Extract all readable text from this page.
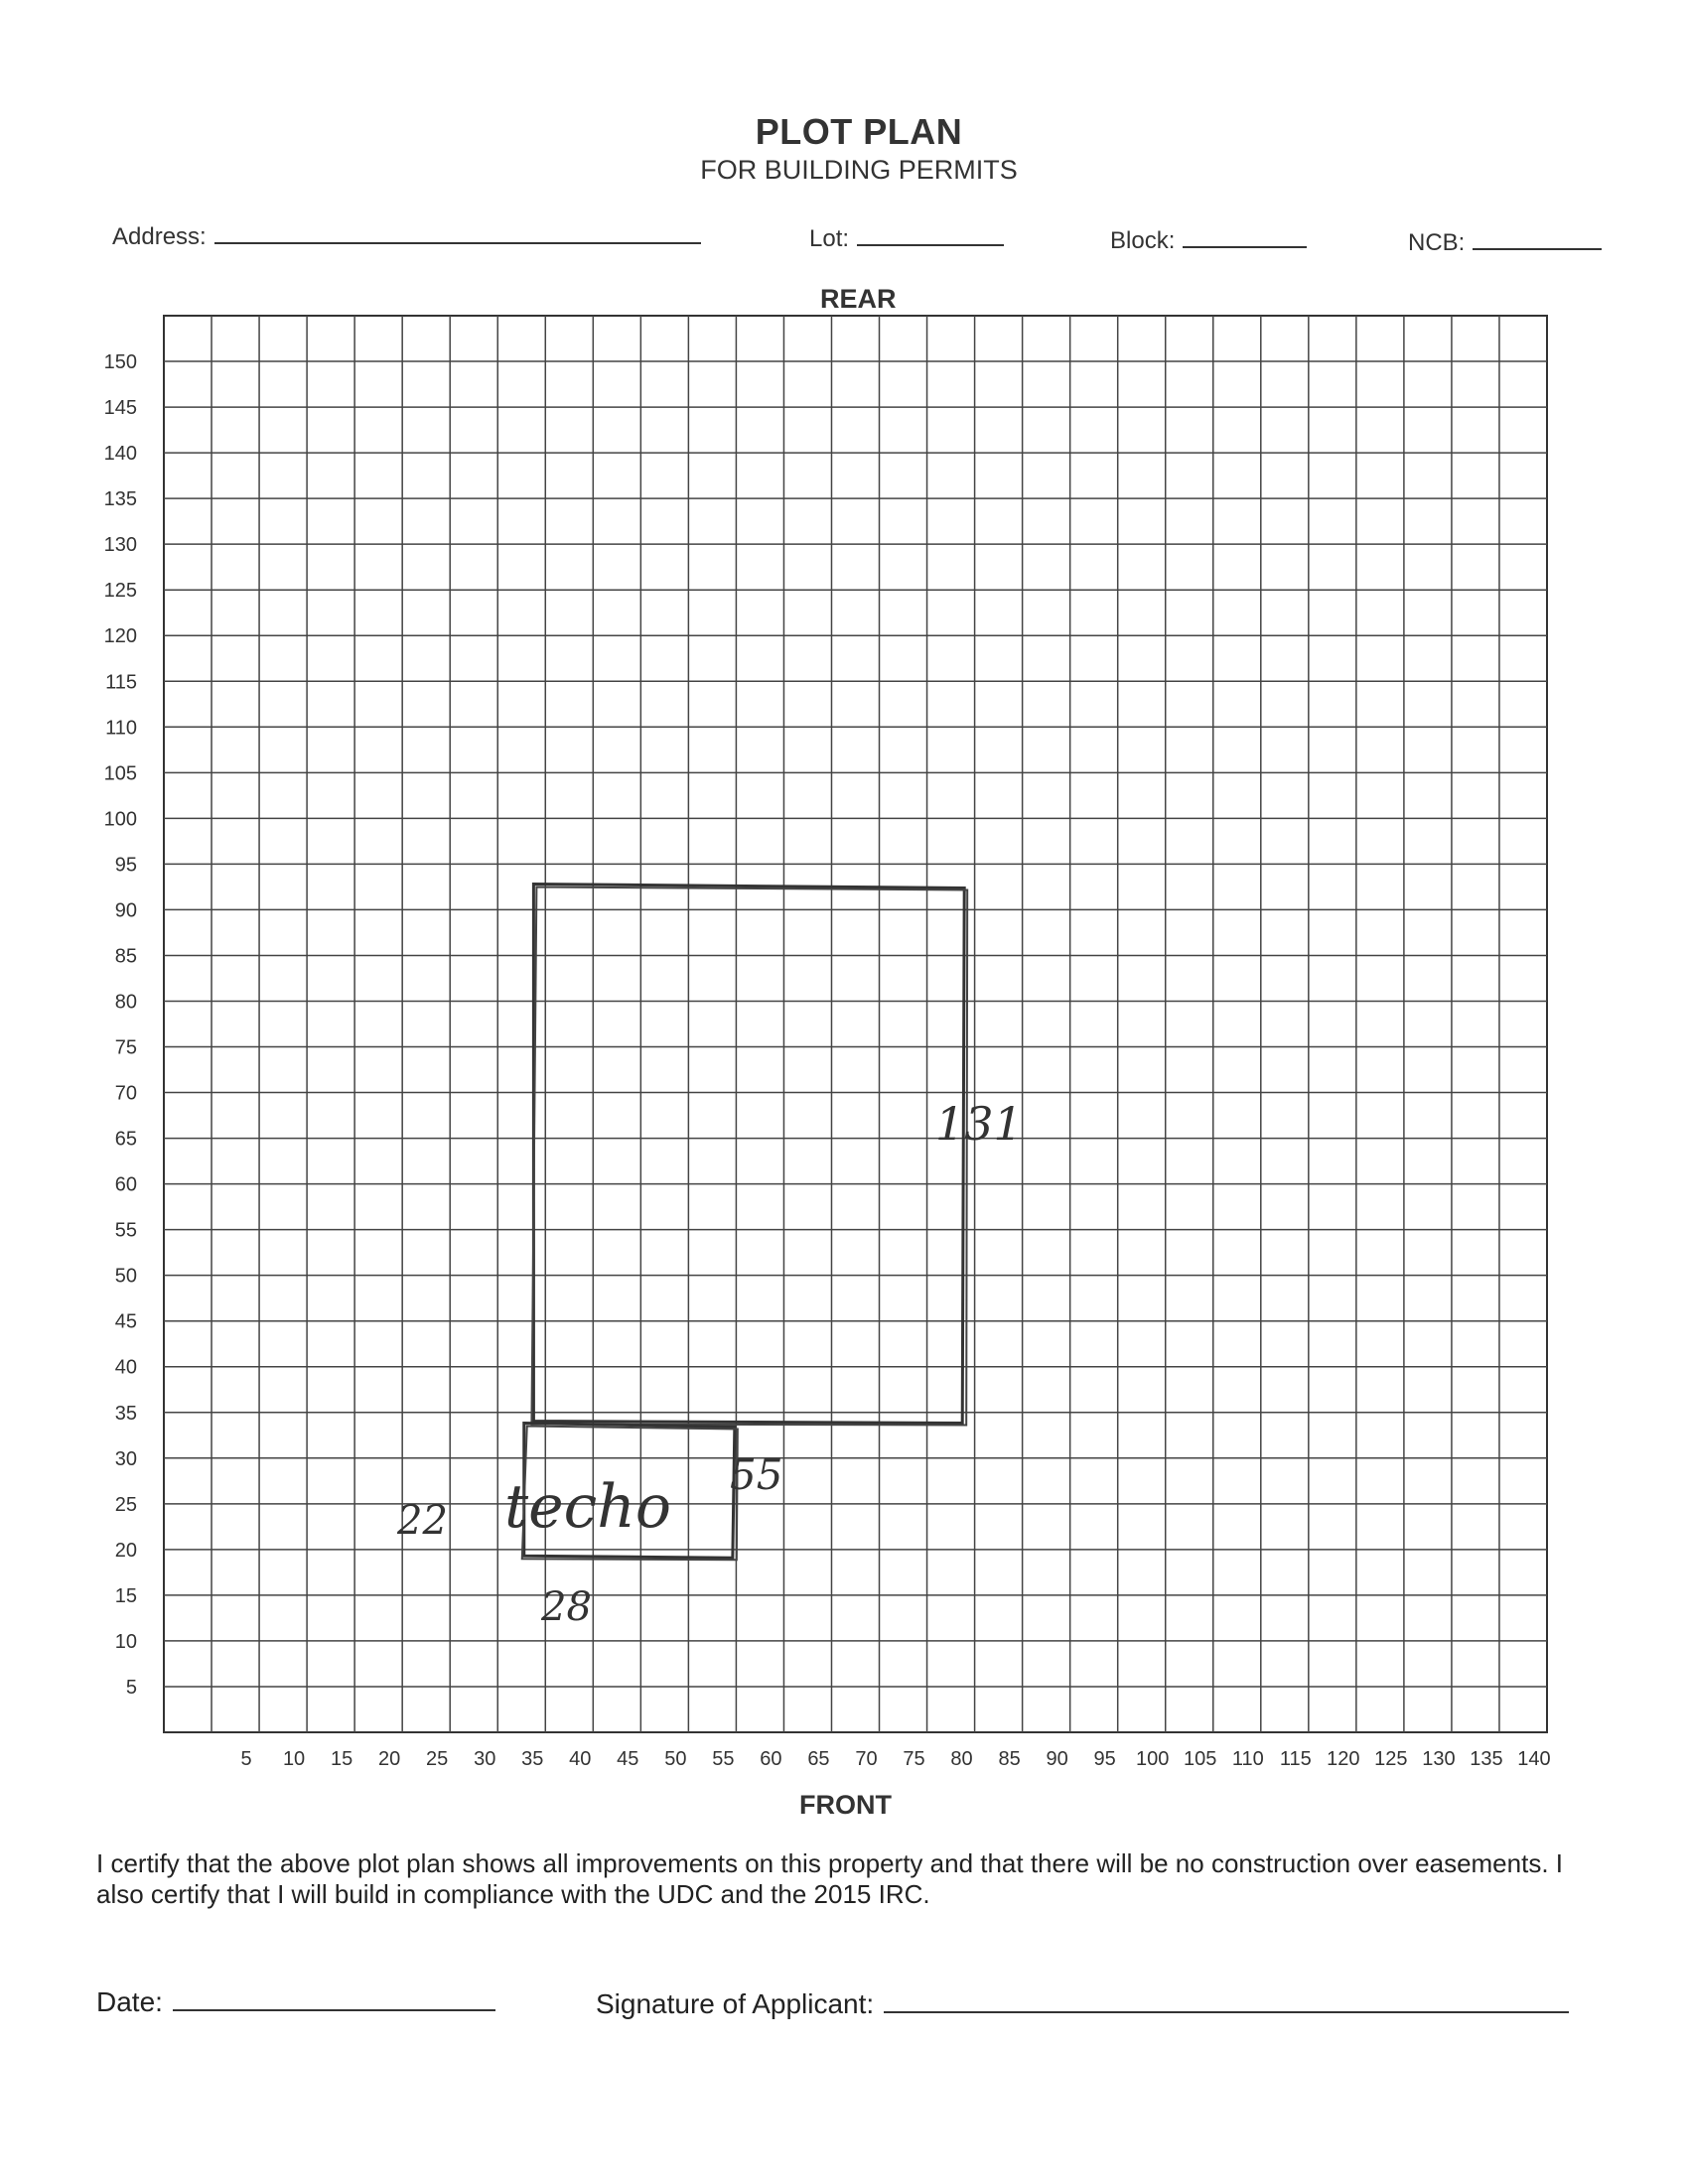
PLOT PLAN
FOR BUILDING PERMITS
Address:	Lot:	Block:	NCB:
REAR
FRONT
150
145
140
135
130
125
120
115
110
105
100
95
90
85
80
75
70
65
60
55
50
45
40
35
30
25
20
15
10
5
5 10 15 20 25 30 35 40 45 50 55 60 65 70 75 80 85 90 95 100 105 110 115 120 125 130 135 140
131
55
22
28
techo
I certify that the above plot plan shows all improvements on this property and that there will be no construction over easements. I also certify that I will build in compliance with the UDC and the 2015 IRC.
Date:	Signature of Applicant:
